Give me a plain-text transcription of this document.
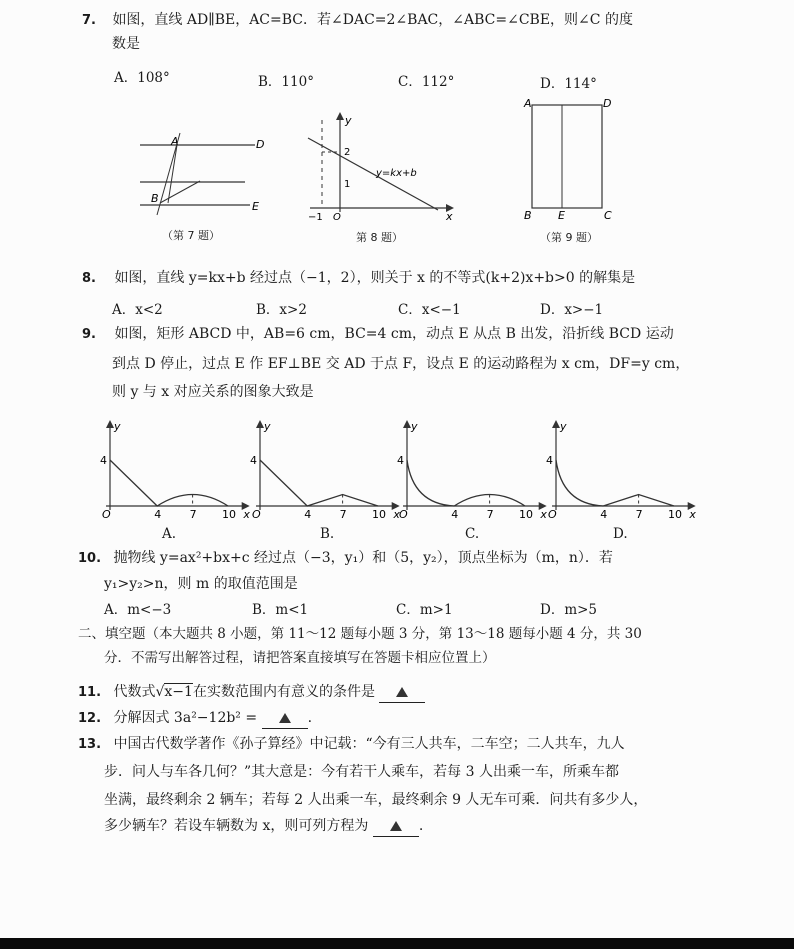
7. 如图，直线 AD∥BE，AC=BC．若∠DAC=2∠BAC，∠ABC=∠CBE，则∠C 的度
数是
A．108°	B．110°	C．112°	D．114°
A	D
B
E
（第 7 题）
y
x
2
1
−1 O
y=kx+b
第 8 题）
A	D
B E	C
（第 9 题）
8. 如图，直线 y=kx+b 经过点（−1，2），则关于 x 的不等式(k+2)x+b>0 的解集是
A．x<2	B．x>2	C．x<−1	D．x>−1
9. 如图，矩形 ABCD 中，AB=6 cm，BC=4 cm，动点 E 从点 B 出发，沿折线 BCD 运动
到点 D 停止，过点 E 作 EF⊥BE 交 AD 于点 F，设点 E 的运动路程为 x cm，DF=y cm，
则 y 与 x 对应关系的图象大致是
y
4
O	4	7 10 x
y
4
O	4	7 10 x
y
4
O	4	7 10 x
y
4
O	4	7 10 x
A.	B.	C.	D.
10. 抛物线 y=ax²+bx+c 经过点（−3，y₁）和（5，y₂），顶点坐标为（m，n）．若
y₁>y₂>n，则 m 的取值范围是
A．m<−3	B．m<1	C．m>1	D．m>5
二、填空题（本大题共 8 小题，第 11～12 题每小题 3 分，第 13～18 题每小题 4 分，共 30
分．不需写出解答过程，请把答案直接填写在答题卡相应位置上）
11. 代数式√x−1在实数范围内有意义的条件是
12. 分解因式 3a²−12b² =	.
13. 中国古代数学著作《孙子算经》中记载：“今有三人共车，二车空；二人共车，九人
步．问人与车各几何？”其大意是：今有若干人乘车，若每 3 人出乘一车，所乘车都
坐满，最终剩余 2 辆车；若每 2 人出乘一车，最终剩余 9 人无车可乘．问共有多少人，
多少辆车？若设车辆数为 x，则可列方程为	.
